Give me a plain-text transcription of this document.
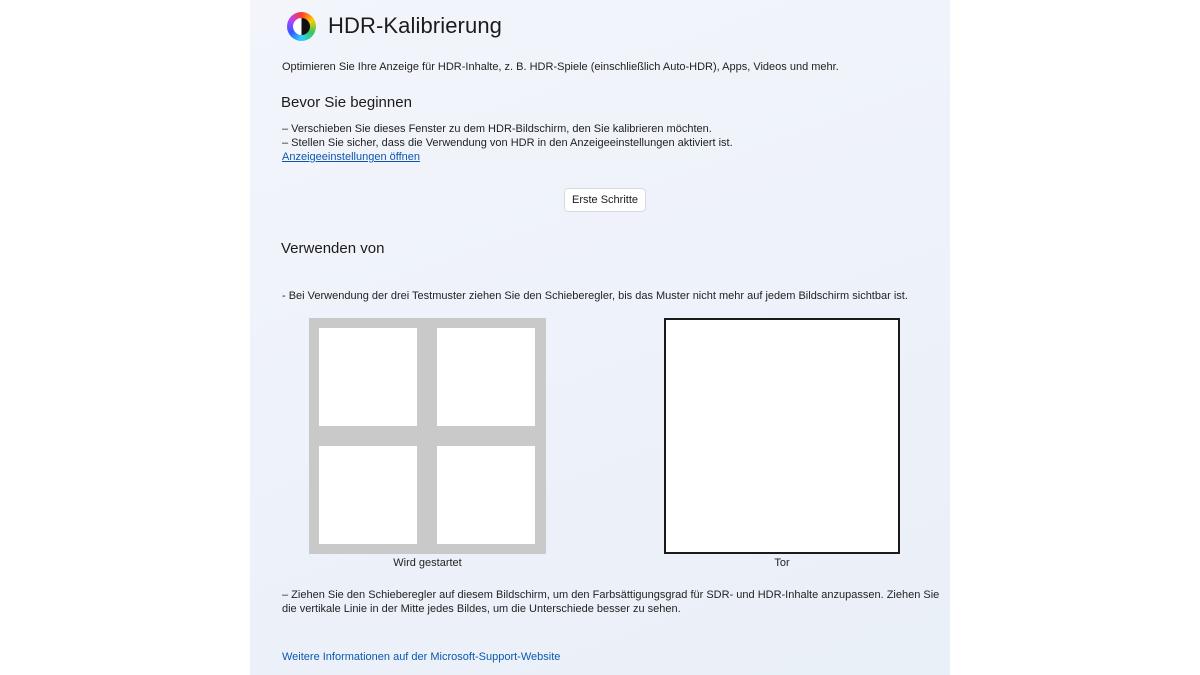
HDR-Kalibrierung
Optimieren Sie Ihre Anzeige für HDR-Inhalte, z. B. HDR-Spiele (einschließlich Auto-HDR), Apps, Videos und mehr.
Bevor Sie beginnen
– Verschieben Sie dieses Fenster zu dem HDR-Bildschirm, den Sie kalibrieren möchten.
– Stellen Sie sicher, dass die Verwendung von HDR in den Anzeigeeinstellungen aktiviert ist.
Anzeigeeinstellungen öffnen
Erste Schritte
Verwenden von
- Bei Verwendung der drei Testmuster ziehen Sie den Schieberegler, bis das Muster nicht mehr auf jedem Bildschirm sichtbar ist.
Wird gestartet	Tor
– Ziehen Sie den Schieberegler auf diesem Bildschirm, um den Farbsättigungsgrad für SDR- und HDR-Inhalte anzupassen. Ziehen Sie
die vertikale Linie in der Mitte jedes Bildes, um die Unterschiede besser zu sehen.
Weitere Informationen auf der Microsoft-Support-Website
